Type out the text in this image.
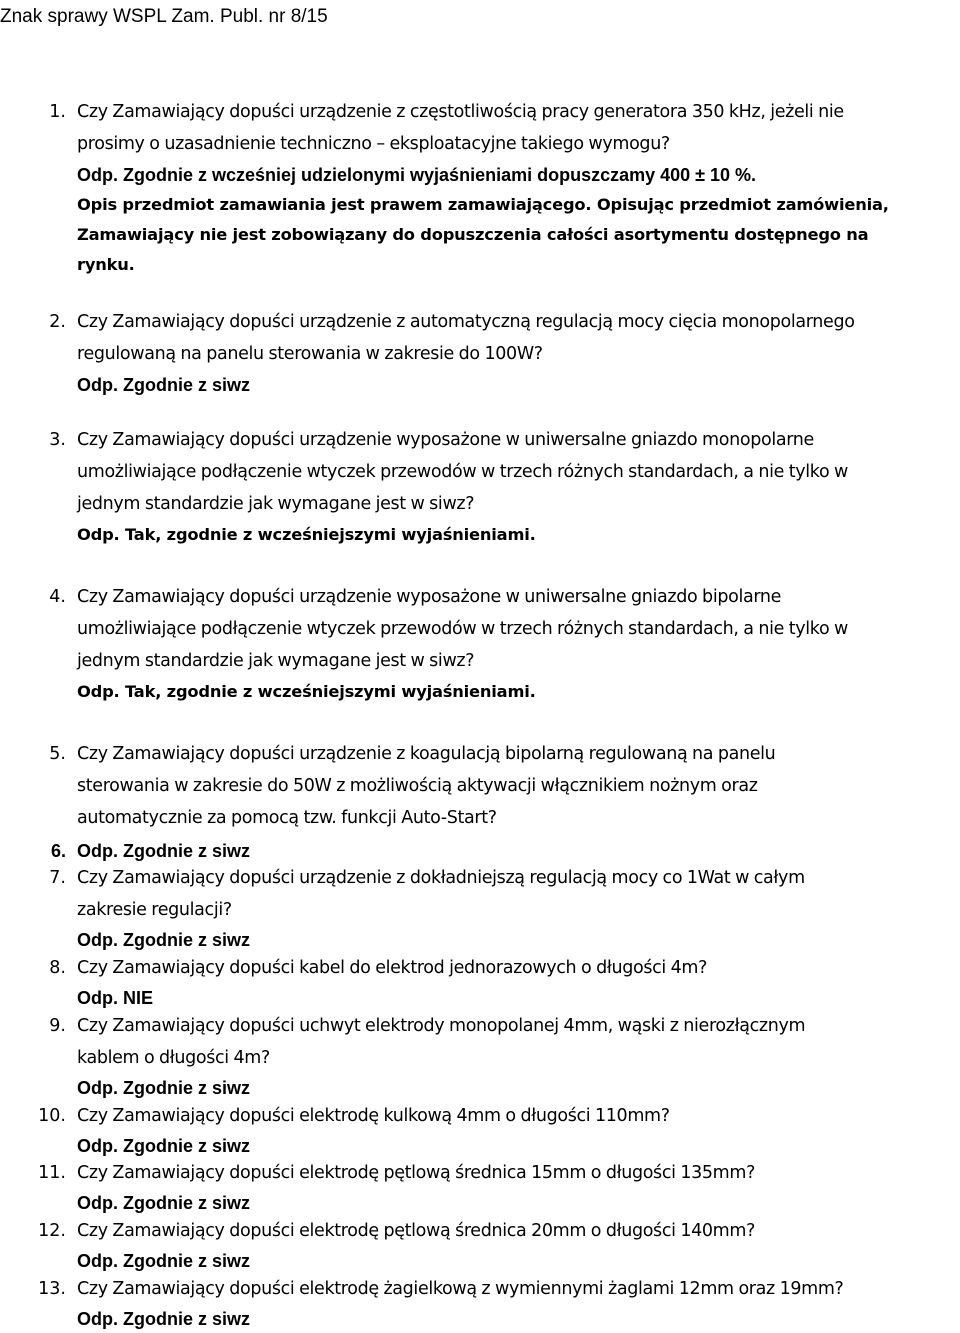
Znak sprawy WSPL Zam. Publ. nr 8/15
1. Czy Zamawiający dopuści urządzenie z częstotliwością pracy generatora 350 kHz, jeżeli nie
prosimy o uzasadnienie techniczno – eksploatacyjne takiego wymogu?
Odp. Zgodnie z wcześniej udzielonymi wyjaśnieniami dopuszczamy 400 ± 10 %.
Opis przedmiot zamawiania jest prawem zamawiającego. Opisując przedmiot zamówienia,
Zamawiający nie jest zobowiązany do dopuszczenia całości asortymentu dostępnego na
rynku.
2. Czy Zamawiający dopuści urządzenie z automatyczną regulacją mocy cięcia monopolarnego
regulowaną na panelu sterowania w zakresie do 100W?
Odp. Zgodnie z siwz
3. Czy Zamawiający dopuści urządzenie wyposażone w uniwersalne gniazdo monopolarne
umożliwiające podłączenie wtyczek przewodów w trzech różnych standardach, a nie tylko w
jednym standardzie jak wymagane jest w siwz?
Odp. Tak, zgodnie z wcześniejszymi wyjaśnieniami.
4. Czy Zamawiający dopuści urządzenie wyposażone w uniwersalne gniazdo bipolarne
umożliwiające podłączenie wtyczek przewodów w trzech różnych standardach, a nie tylko w
jednym standardzie jak wymagane jest w siwz?
Odp. Tak, zgodnie z wcześniejszymi wyjaśnieniami.
5. Czy Zamawiający dopuści urządzenie z koagulacją bipolarną regulowaną na panelu
sterowania w zakresie do 50W z możliwością aktywacji włącznikiem nożnym oraz
automatycznie za pomocą tzw. funkcji Auto-Start?
6. Odp. Zgodnie z siwz
7. Czy Zamawiający dopuści urządzenie z dokładniejszą regulacją mocy co 1Wat w całym
zakresie regulacji?
Odp. Zgodnie z siwz
8. Czy Zamawiający dopuści kabel do elektrod jednorazowych o długości 4m?
Odp. NIE
9. Czy Zamawiający dopuści uchwyt elektrody monopolanej 4mm, wąski z nierozłącznym
kablem o długości 4m?
Odp. Zgodnie z siwz
10. Czy Zamawiający dopuści elektrodę kulkową 4mm o długości 110mm?
Odp. Zgodnie z siwz
11. Czy Zamawiający dopuści elektrodę pętlową średnica 15mm o długości 135mm?
Odp. Zgodnie z siwz
12. Czy Zamawiający dopuści elektrodę pętlową średnica 20mm o długości 140mm?
Odp. Zgodnie z siwz
13. Czy Zamawiający dopuści elektrodę żagielkową z wymiennymi żaglami 12mm oraz 19mm?
Odp. Zgodnie z siwz
